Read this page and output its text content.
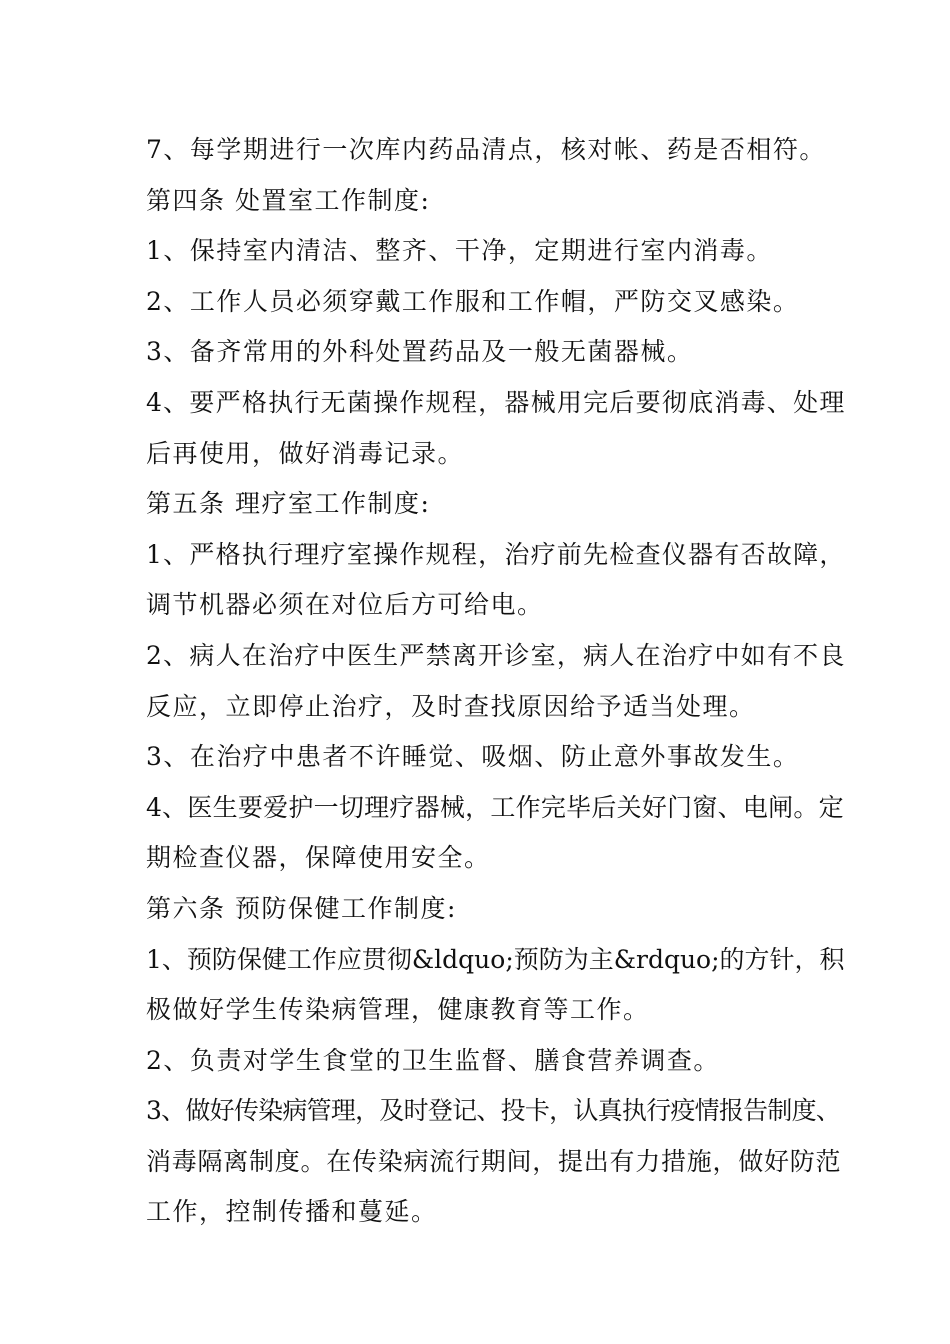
7、每学期进行一次库内药品清点，核对帐、药是否相符。
第四条 处置室工作制度:
1、保持室内清洁、整齐、干净，定期进行室内消毒。
2、工作人员必须穿戴工作服和工作帽，严防交叉感染。
3、备齐常用的外科处置药品及一般无菌器械。
4、要严格执行无菌操作规程，器械用完后要彻底消毒、处理
后再使用，做好消毒记录。
第五条 理疗室工作制度:
1、严格执行理疗室操作规程，治疗前先检查仪器有否故障，
调节机器必须在对位后方可给电。
2、病人在治疗中医生严禁离开诊室，病人在治疗中如有不良
反应，立即停止治疗，及时查找原因给予适当处理。
3、在治疗中患者不许睡觉、吸烟、防止意外事故发生。
4、医生要爱护一切理疗器械，工作完毕后关好门窗、电闸。定
期检查仪器，保障使用安全。
第六条 预防保健工作制度:
1、预防保健工作应贯彻&ldquo;预防为主&rdquo;的方针，积
极做好学生传染病管理，健康教育等工作。
2、负责对学生食堂的卫生监督、膳食营养调查。
3、做好传染病管理，及时登记、投卡，认真执行疫情报告制度、
消毒隔离制度。在传染病流行期间，提出有力措施，做好防范
工作，控制传播和蔓延。
